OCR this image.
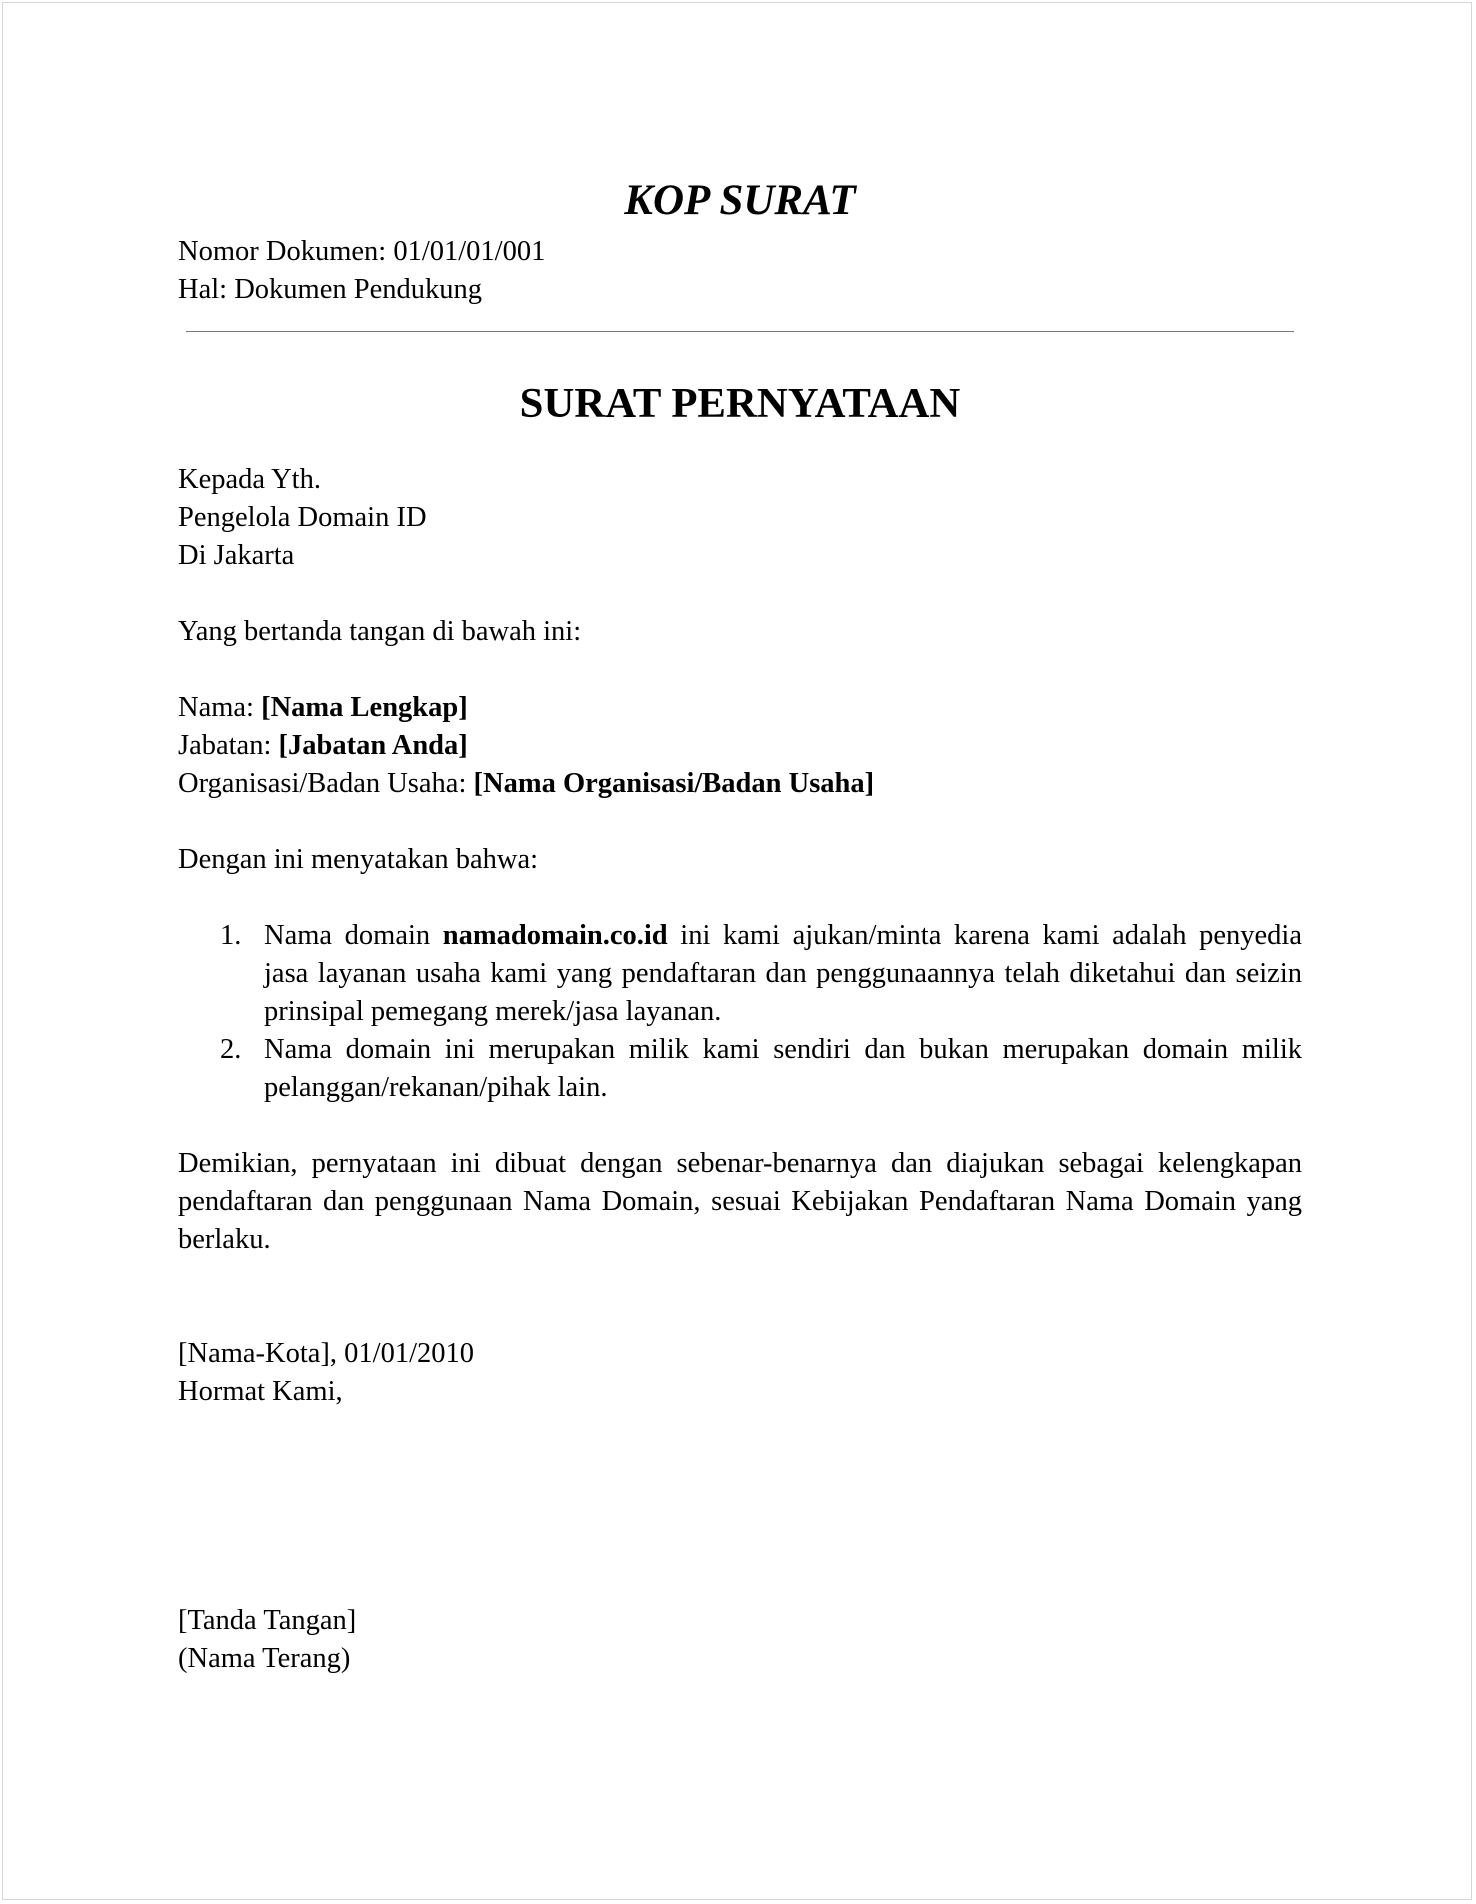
KOP SURAT
Nomor Dokumen: 01/01/01/001
Hal: Dokumen Pendukung
SURAT PERNYATAAN
Kepada Yth.
Pengelola Domain ID
Di Jakarta
Yang bertanda tangan di bawah ini:
Nama: [Nama Lengkap]
Jabatan: [Jabatan Anda]
Organisasi/Badan Usaha: [Nama Organisasi/Badan Usaha]
Dengan ini menyatakan bahwa:
1. Nama domain namadomain.co.id ini kami ajukan/minta karena kami adalah penyedia jasa layanan usaha kami yang pendaftaran dan penggunaannya telah diketahui dan seizin prinsipal pemegang merek/jasa layanan.
2. Nama domain ini merupakan milik kami sendiri dan bukan merupakan domain milik pelanggan/rekanan/pihak lain.
Demikian, pernyataan ini dibuat dengan sebenar-benarnya dan diajukan sebagai kelengkapan pendaftaran dan penggunaan Nama Domain, sesuai Kebijakan Pendaftaran Nama Domain yang berlaku.
[Nama-Kota], 01/01/2010
Hormat Kami,
[Tanda Tangan]
(Nama Terang)
